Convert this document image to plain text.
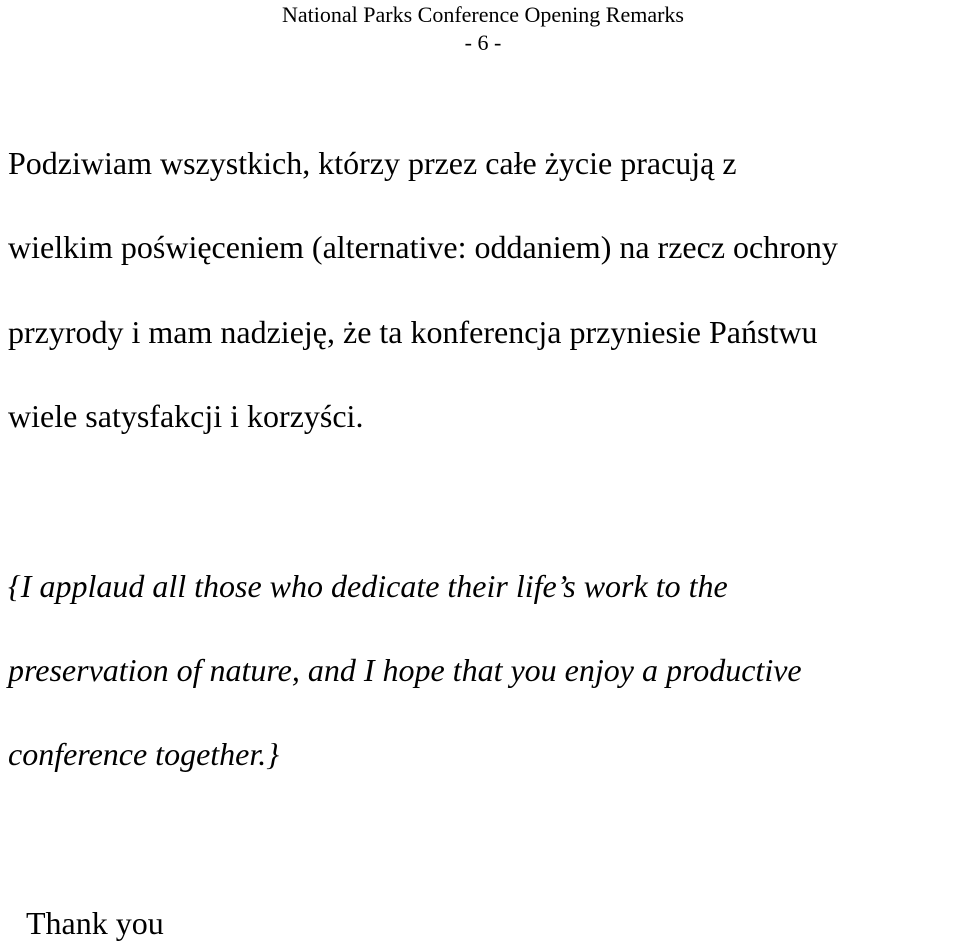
National Parks Conference Opening Remarks
- 6 -
Podziwiam wszystkich, którzy przez całe życie pracują z
wielkim poświęceniem (alternative: oddaniem) na rzecz ochrony
przyrody i mam nadzieję, że ta konferencja przyniesie Państwu
wiele satysfakcji i korzyści.
{I applaud all those who dedicate their life’s work to the
preservation of nature, and I hope that you enjoy a productive
conference together.}
Thank you
